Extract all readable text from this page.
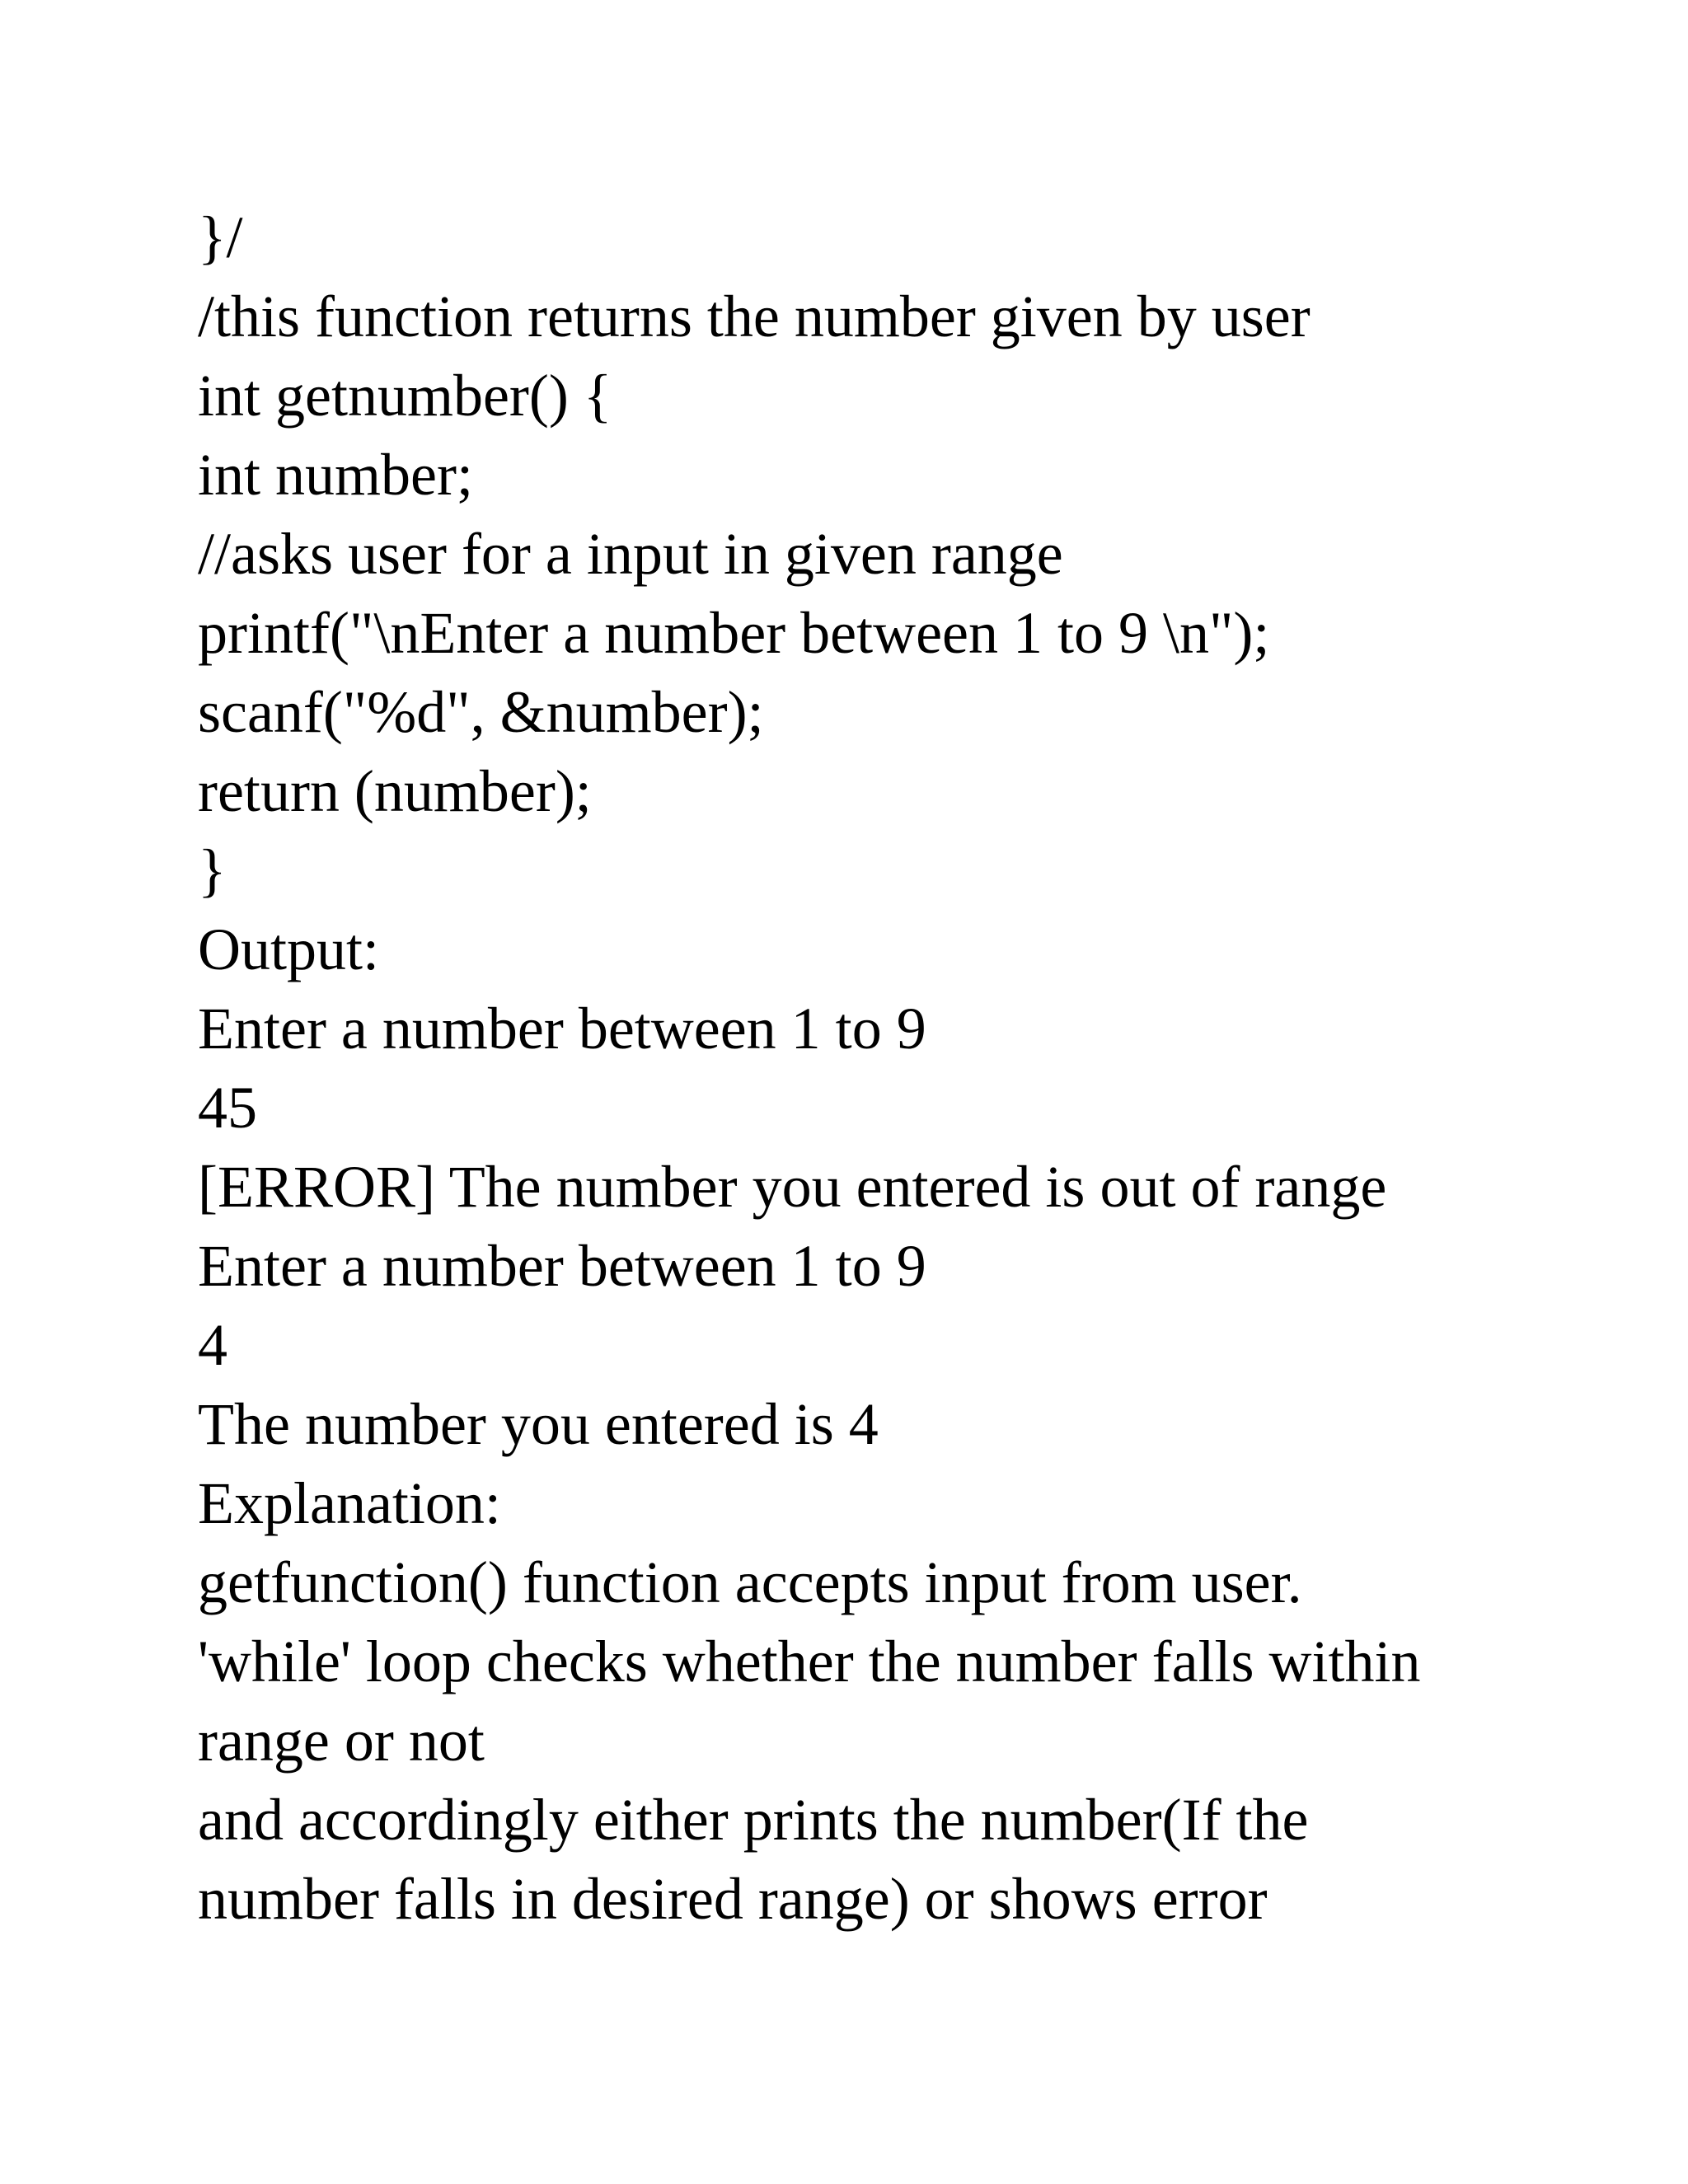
}/
/this function returns the number given by user
int getnumber() {
int number;
//asks user for a input in given range
printf("\nEnter a number between 1 to 9 \n");
scanf("%d", &number);
return (number);
}
Output:
Enter a number between 1 to 9
45
[ERROR] The number you entered is out of range
Enter a number between 1 to 9
4
The number you entered is 4
Explanation:
getfunction() function accepts input from user.
'while' loop checks whether the number falls within
range or not
and accordingly either prints the number(If the
number falls in desired range) or shows error
